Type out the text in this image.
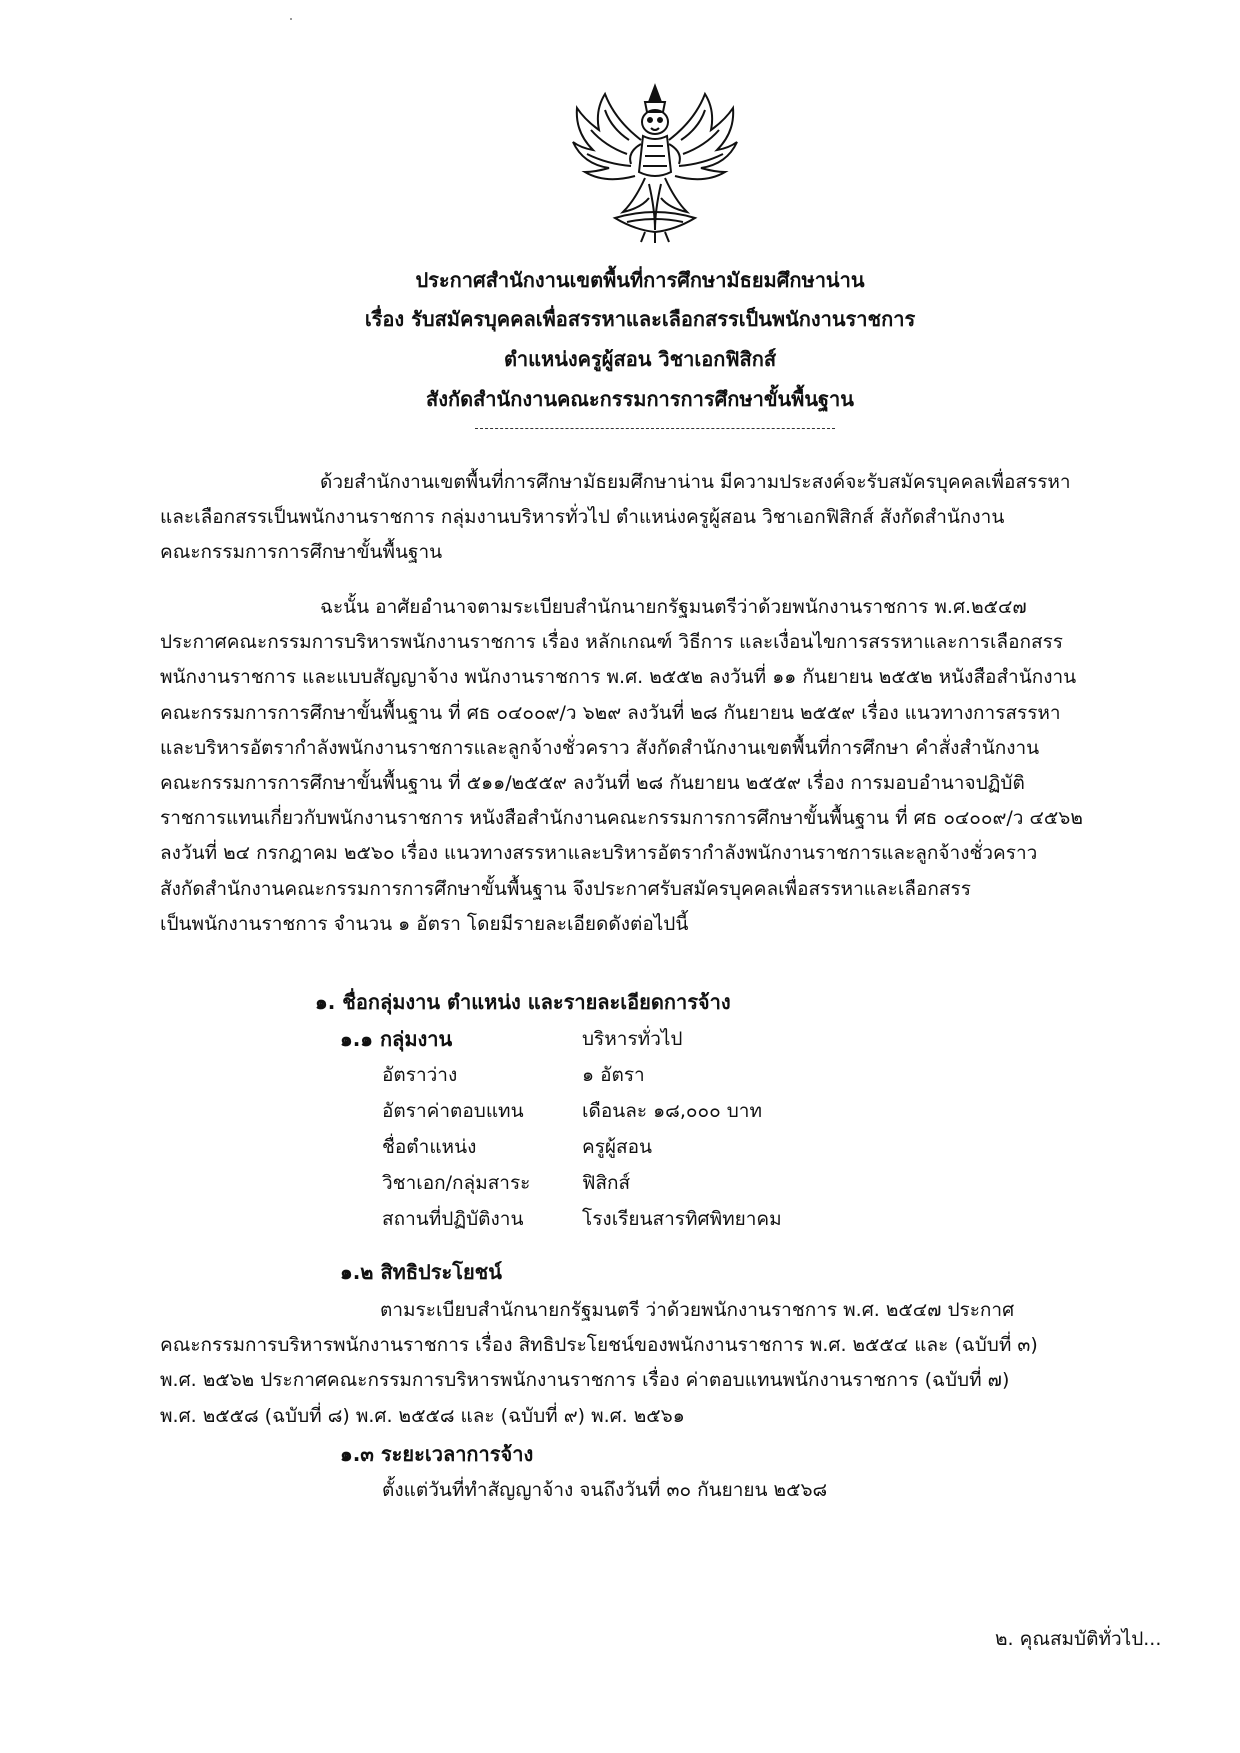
ประกาศสำนักงานเขตพื้นที่การศึกษามัธยมศึกษาน่าน
เรื่อง รับสมัครบุคคลเพื่อสรรหาและเลือกสรรเป็นพนักงานราชการ
ตำแหน่งครูผู้สอน วิชาเอกฟิสิกส์
สังกัดสำนักงานคณะกรรมการการศึกษาขั้นพื้นฐาน
ด้วยสำนักงานเขตพื้นที่การศึกษามัธยมศึกษาน่าน มีความประสงค์จะรับสมัครบุคคลเพื่อสรรหา
และเลือกสรรเป็นพนักงานราชการ กลุ่มงานบริหารทั่วไป ตำแหน่งครูผู้สอน วิชาเอกฟิสิกส์ สังกัดสำนักงาน
คณะกรรมการการศึกษาขั้นพื้นฐาน
ฉะนั้น อาศัยอำนาจตามระเบียบสำนักนายกรัฐมนตรีว่าด้วยพนักงานราชการ พ.ศ.๒๕๔๗
ประกาศคณะกรรมการบริหารพนักงานราชการ เรื่อง หลักเกณฑ์ วิธีการ และเงื่อนไขการสรรหาและการเลือกสรร
พนักงานราชการ และแบบสัญญาจ้าง พนักงานราชการ พ.ศ. ๒๕๕๒ ลงวันที่ ๑๑ กันยายน ๒๕๕๒ หนังสือสำนักงาน
คณะกรรมการการศึกษาขั้นพื้นฐาน ที่ ศธ ๐๔๐๐๙/ว ๖๒๙ ลงวันที่ ๒๘ กันยายน ๒๕๕๙ เรื่อง แนวทางการสรรหา
และบริหารอัตรากำลังพนักงานราชการและลูกจ้างชั่วคราว สังกัดสำนักงานเขตพื้นที่การศึกษา คำสั่งสำนักงาน
คณะกรรมการการศึกษาขั้นพื้นฐาน ที่ ๕๑๑/๒๕๕๙ ลงวันที่ ๒๘ กันยายน ๒๕๕๙ เรื่อง การมอบอำนาจปฏิบัติ
ราชการแทนเกี่ยวกับพนักงานราชการ หนังสือสำนักงานคณะกรรมการการศึกษาขั้นพื้นฐาน ที่ ศธ ๐๔๐๐๙/ว ๔๕๖๒
ลงวันที่ ๒๔ กรกฎาคม ๒๕๖๐ เรื่อง แนวทางสรรหาและบริหารอัตรากำลังพนักงานราชการและลูกจ้างชั่วคราว
สังกัดสำนักงานคณะกรรมการการศึกษาขั้นพื้นฐาน จึงประกาศรับสมัครบุคคลเพื่อสรรหาและเลือกสรร
เป็นพนักงานราชการ จำนวน ๑ อัตรา โดยมีรายละเอียดดังต่อไปนี้
๑. ชื่อกลุ่มงาน ตำแหน่ง และรายละเอียดการจ้าง
๑.๑ กลุ่มงาน	บริหารทั่วไป
อัตราว่าง	๑ อัตรา
อัตราค่าตอบแทน	เดือนละ ๑๘,๐๐๐ บาท
ชื่อตำแหน่ง	ครูผู้สอน
วิชาเอก/กลุ่มสาระ	ฟิสิกส์
สถานที่ปฏิบัติงาน	โรงเรียนสารทิศพิทยาคม
๑.๒ สิทธิประโยชน์
ตามระเบียบสำนักนายกรัฐมนตรี ว่าด้วยพนักงานราชการ พ.ศ. ๒๕๔๗ ประกาศ
คณะกรรมการบริหารพนักงานราชการ เรื่อง สิทธิประโยชน์ของพนักงานราชการ พ.ศ. ๒๕๕๔ และ (ฉบับที่ ๓)
พ.ศ. ๒๕๖๒ ประกาศคณะกรรมการบริหารพนักงานราชการ เรื่อง ค่าตอบแทนพนักงานราชการ (ฉบับที่ ๗)
พ.ศ. ๒๕๕๘ (ฉบับที่ ๘) พ.ศ. ๒๕๕๘ และ (ฉบับที่ ๙) พ.ศ. ๒๕๖๑
๑.๓ ระยะเวลาการจ้าง
ตั้งแต่วันที่ทำสัญญาจ้าง จนถึงวันที่ ๓๐ กันยายน ๒๕๖๘
๒. คุณสมบัติทั่วไป...
